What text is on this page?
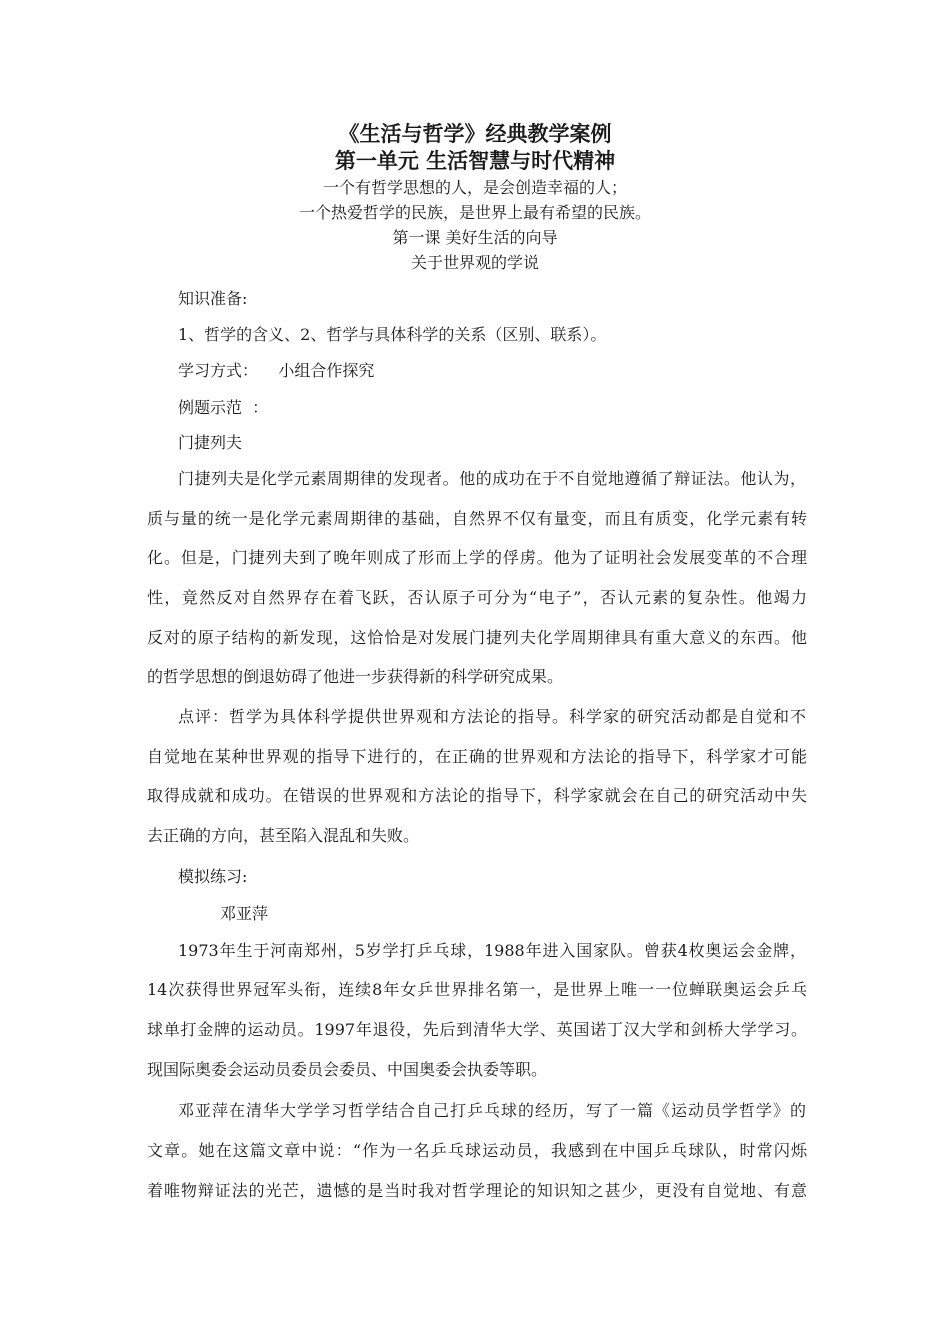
《生活与哲学》经典教学案例
第一单元 生活智慧与时代精神
一个有哲学思想的人，是会创造幸福的人；
一个热爱哲学的民族，是世界上最有希望的民族。
第一课 美好生活的向导
关于世界观的学说
知识准备:
1、哲学的含义、2、哲学与具体科学的关系（区别、联系）。
学习方式：    小组合作探究
例题示范  ：
门捷列夫
门捷列夫是化学元素周期律的发现者。他的成功在于不自觉地遵循了辩证法。他认为，
质与量的统一是化学元素周期律的基础，自然界不仅有量变，而且有质变，化学元素有转
化。但是，门捷列夫到了晚年则成了形而上学的俘虏。他为了证明社会发展变革的不合理
性，竟然反对自然界存在着飞跃，否认原子可分为“电子”，否认元素的复杂性。他竭力
反对的原子结构的新发现，这恰恰是对发展门捷列夫化学周期律具有重大意义的东西。他
的哲学思想的倒退妨碍了他进一步获得新的科学研究成果。
点评：哲学为具体科学提供世界观和方法论的指导。科学家的研究活动都是自觉和不
自觉地在某种世界观的指导下进行的，在正确的世界观和方法论的指导下，科学家才可能
取得成就和成功。在错误的世界观和方法论的指导下，科学家就会在自己的研究活动中失
去正确的方向，甚至陷入混乱和失败。
模拟练习:
邓亚萍
1973年生于河南郑州，5岁学打乒乓球，1988年进入国家队。曾获4枚奥运会金牌，
14次获得世界冠军头衔，连续8年女乒世界排名第一，是世界上唯一一位蝉联奥运会乒乓
球单打金牌的运动员。1997年退役，先后到清华大学、英国诺丁汉大学和剑桥大学学习。
现国际奥委会运动员委员会委员、中国奥委会执委等职。
邓亚萍在清华大学学习哲学结合自己打乒乓球的经历，写了一篇《运动员学哲学》的
文章。她在这篇文章中说：“作为一名乒乓球运动员，我感到在中国乒乓球队，时常闪烁
着唯物辩证法的光芒，遗憾的是当时我对哲学理论的知识知之甚少，更没有自觉地、有意
